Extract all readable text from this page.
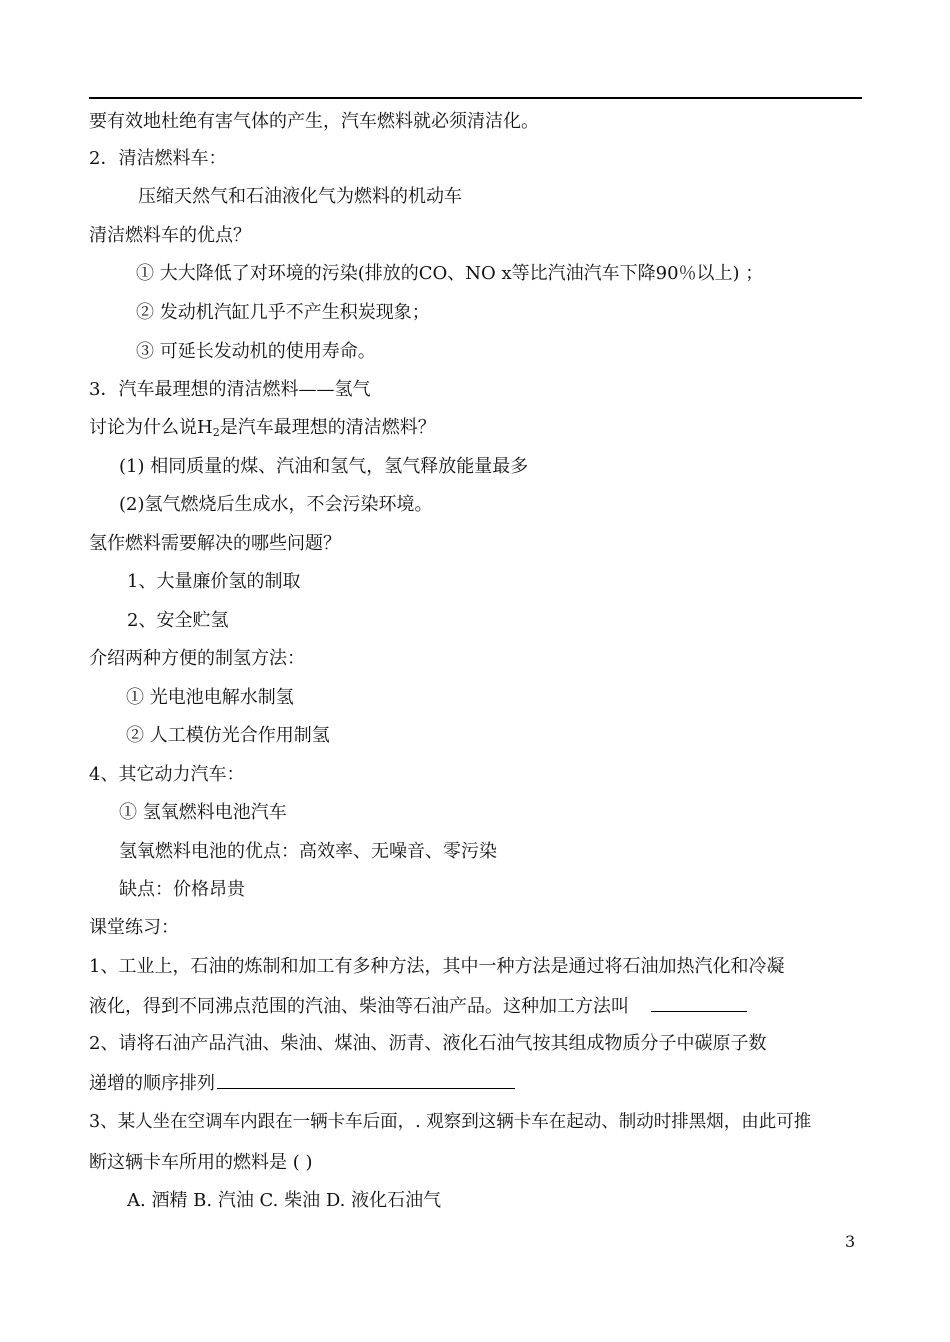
要有效地杜绝有害气体的产生，汽车燃料就必须清洁化。
2．清洁燃料车：
压缩天然气和石油液化气为燃料的机动车
清洁燃料车的优点？
① 大大降低了对环境的污染(排放的CO、NO x等比汽油汽车下降90％以上) ；
② 发动机汽缸几乎不产生积炭现象；
③ 可延长发动机的使用寿命。
3．汽车最理想的清洁燃料——氢气
讨论为什么说$H_2$是汽车最理想的清洁燃料？
(1) 相同质量的煤、汽油和氢气，氢气释放能量最多
(2)氢气燃烧后生成水，不会污染环境。
氢作燃料需要解决的哪些问题？
1、大量廉价氢的制取
2、安全贮氢
介绍两种方便的制氢方法：
① 光电池电解水制氢
② 人工模仿光合作用制氢
4、其它动力汽车：
① 氢氧燃料电池汽车
氢氧燃料电池的优点：高效率、无噪音、零污染
缺点：价格昂贵
课堂练习：
1、工业上，石油的炼制和加工有多种方法，其中一种方法是通过将石油加热汽化和冷凝
液化，得到不同沸点范围的汽油、柴油等石油产品。这种加工方法叫
2、请将石油产品汽油、柴油、煤油、沥青、液化石油气按其组成物质分子中碳原子数
递增的顺序排列
3、某人坐在空调车内跟在一辆卡车后面，. 观察到这辆卡车在起动、制动时排黑烟，由此可推
断这辆卡车所用的燃料是 ( )
A. 酒精 B. 汽油 C. 柴油 D. 液化石油气
3
